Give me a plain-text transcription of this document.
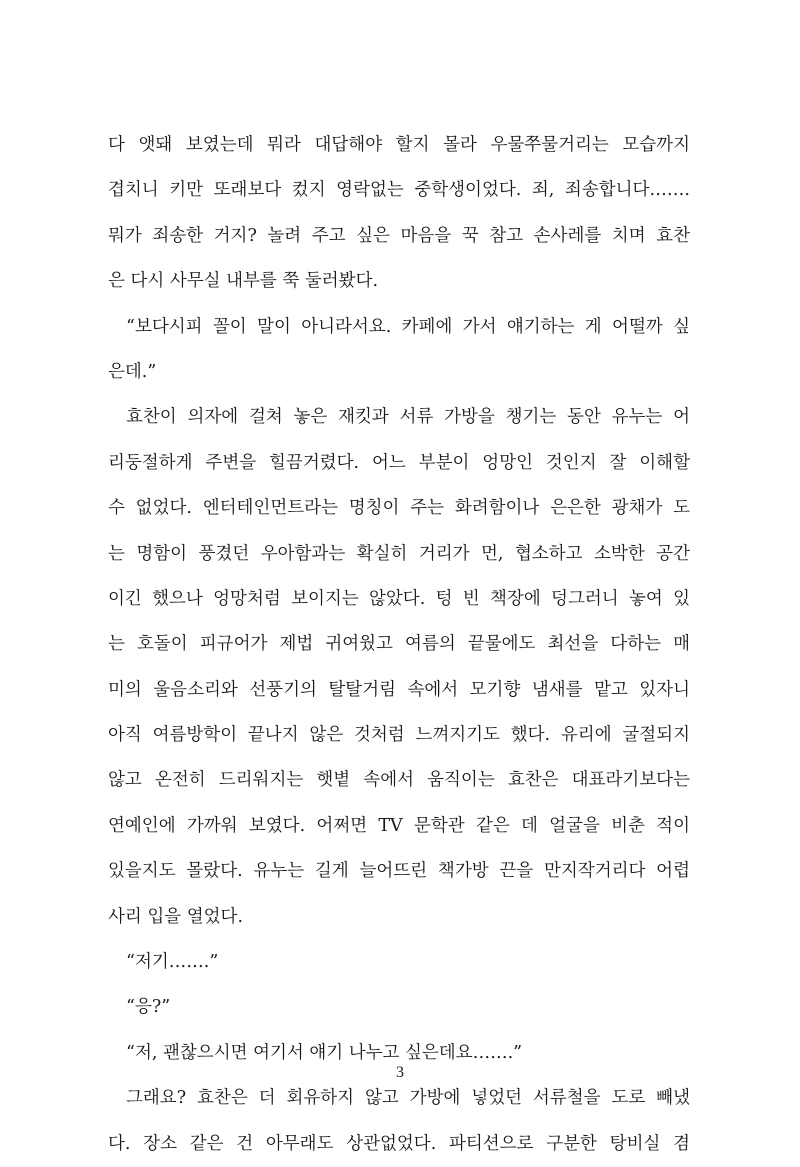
다 앳돼 보였는데 뭐라 대답해야 할지 몰라 우물쭈물거리는 모습까지
겹치니 키만 또래보다 컸지 영락없는 중학생이었다. 죄, 죄송합니다…….
뭐가 죄송한 거지? 놀려 주고 싶은 마음을 꾹 참고 손사레를 치며 효찬
은 다시 사무실 내부를 쭉 둘러봤다.
“보다시피 꼴이 말이 아니라서요. 카페에 가서 얘기하는 게 어떨까 싶
은데.”
효찬이 의자에 걸쳐 놓은 재킷과 서류 가방을 챙기는 동안 유누는 어
리둥절하게 주변을 힐끔거렸다. 어느 부분이 엉망인 것인지 잘 이해할
수 없었다. 엔터테인먼트라는 명칭이 주는 화려함이나 은은한 광채가 도
는 명함이 풍겼던 우아함과는 확실히 거리가 먼, 협소하고 소박한 공간
이긴 했으나 엉망처럼 보이지는 않았다. 텅 빈 책장에 덩그러니 놓여 있
는 호돌이 피규어가 제법 귀여웠고 여름의 끝물에도 최선을 다하는 매
미의 울음소리와 선풍기의 탈탈거림 속에서 모기향 냄새를 맡고 있자니
아직 여름방학이 끝나지 않은 것처럼 느껴지기도 했다. 유리에 굴절되지
않고 온전히 드리워지는 햇볕 속에서 움직이는 효찬은 대표라기보다는
연예인에 가까워 보였다. 어쩌면 TV 문학관 같은 데 얼굴을 비춘 적이
있을지도 몰랐다. 유누는 길게 늘어뜨린 책가방 끈을 만지작거리다 어렵
사리 입을 열었다.
“저기…….”
“응?”
“저, 괜찮으시면 여기서 얘기 나누고 싶은데요…….”
그래요? 효찬은 더 회유하지 않고 가방에 넣었던 서류철을 도로 빼냈
다. 장소 같은 건 아무래도 상관없었다. 파티션으로 구분한 탕비실 겸
3
